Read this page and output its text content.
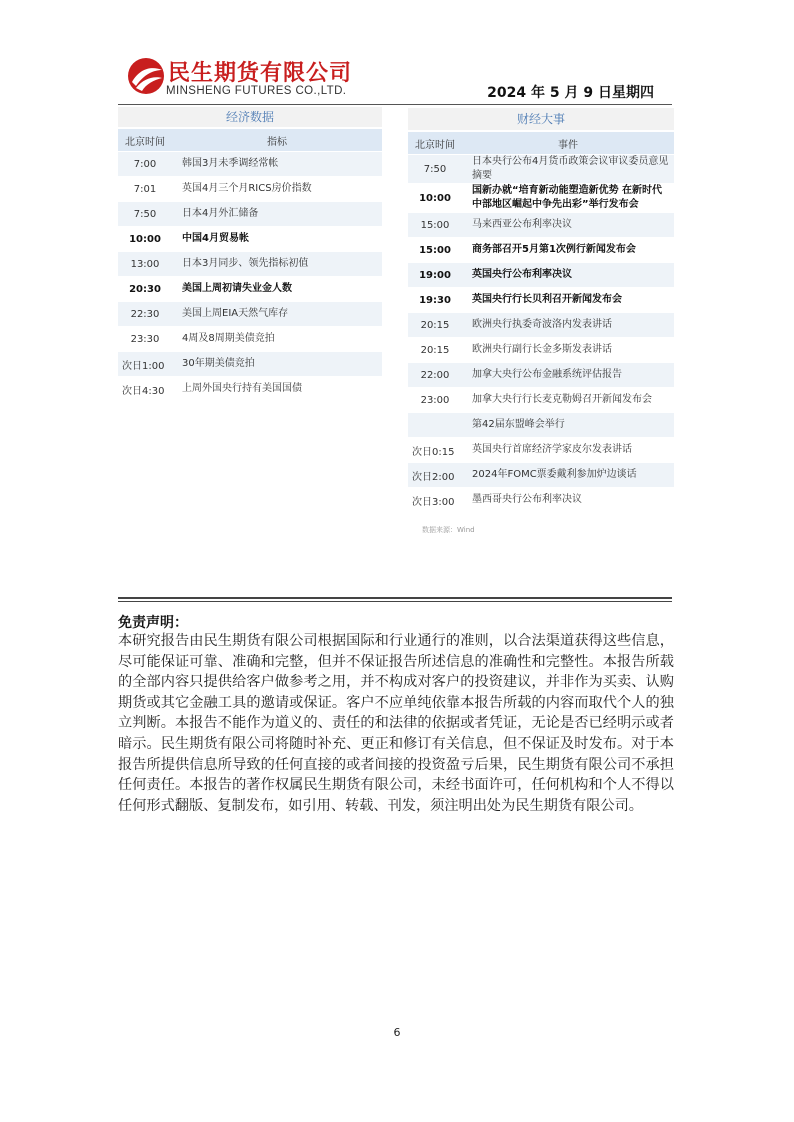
民生期货有限公司
MINSHENG FUTURES CO.,LTD.	2024 年 5 月 9 日星期四
经济数据
北京时间	指标
7:00	韩国3月未季调经常帐
7:01	英国4月三个月RICS房价指数
7:50	日本4月外汇储备
10:00	中国4月贸易帐
13:00	日本3月同步、领先指标初值
20:30	美国上周初请失业金人数
22:30	美国上周EIA天然气库存
23:30	4周及8周期美债竞拍
次日1:00	30年期美债竞拍
次日4:30	上周外国央行持有美国国债
财经大事
北京时间	事件
7:50	日本央行公布4月货币政策会议审议委员意见摘要
10:00	国新办就“培育新动能塑造新优势 在新时代中部地区崛起中争先出彩”举行发布会
15:00	马来西亚公布利率决议
15:00	商务部召开5月第1次例行新闻发布会
19:00	英国央行公布利率决议
19:30	英国央行行长贝利召开新闻发布会
20:15	欧洲央行执委奇波洛内发表讲话
20:15	欧洲央行副行长金多斯发表讲话
22:00	加拿大央行公布金融系统评估报告
23:00	加拿大央行行长麦克勒姆召开新闻发布会
	第42届东盟峰会举行
次日0:15	英国央行首席经济学家皮尔发表讲话
次日2:00	2024年FOMC票委戴利参加炉边谈话
次日3:00	墨西哥央行公布利率决议
数据来源：Wind
免责声明：
本研究报告由民生期货有限公司根据国际和行业通行的准则，以合法渠道获得这些信息，尽可能保证可靠、准确和完整，但并不保证报告所述信息的准确性和完整性。本报告所载的全部内容只提供给客户做参考之用，并不构成对客户的投资建议，并非作为买卖、认购期货或其它金融工具的邀请或保证。客户不应单纯依靠本报告所载的内容而取代个人的独立判断。本报告不能作为道义的、责任的和法律的依据或者凭证，无论是否已经明示或者暗示。民生期货有限公司将随时补充、更正和修订有关信息，但不保证及时发布。对于本报告所提供信息所导致的任何直接的或者间接的投资盈亏后果，民生期货有限公司不承担任何责任。本报告的著作权属民生期货有限公司，未经书面许可，任何机构和个人不得以任何形式翻版、复制发布，如引用、转载、刊发，须注明出处为民生期货有限公司。
6
